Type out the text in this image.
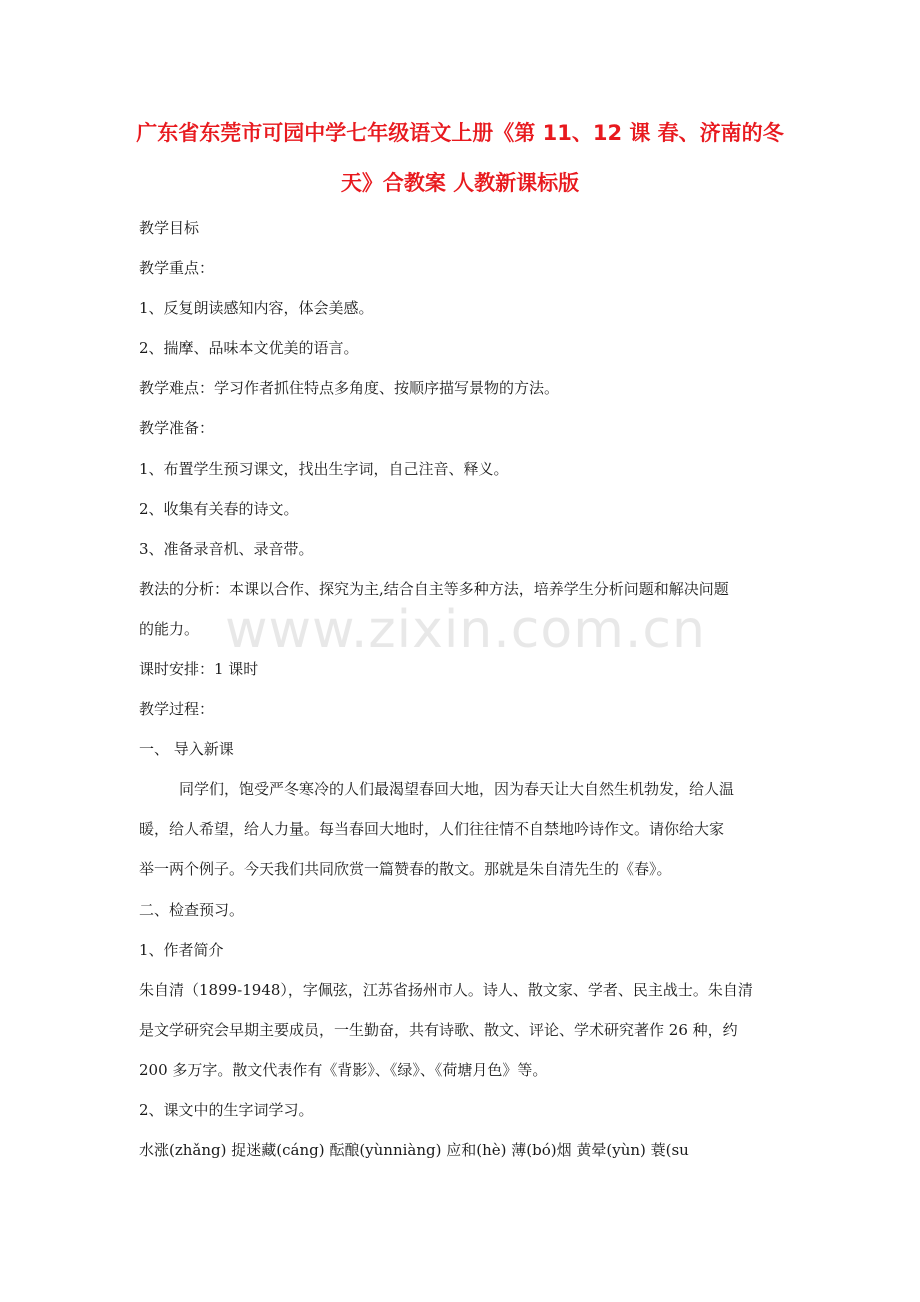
广东省东莞市可园中学七年级语文上册《第 11、12 课 春、济南的冬
天》合教案 人教新课标版
教学目标
教学重点：
1、反复朗读感知内容，体会美感。
2、揣摩、品味本文优美的语言。
教学难点：学习作者抓住特点多角度、按顺序描写景物的方法。
教学准备：
1、布置学生预习课文，找出生字词，自己注音、释义。
2、收集有关春的诗文。
3、准备录音机、录音带。
教法的分析：本课以合作、探究为主,结合自主等多种方法，培养学生分析问题和解决问题
的能力。
课时安排：1 课时
教学过程：
一、 导入新课
同学们，饱受严冬寒冷的人们最渴望春回大地，因为春天让大自然生机勃发，给人温
暖，给人希望，给人力量。每当春回大地时，人们往往情不自禁地吟诗作文。请你给大家
举一两个例子。今天我们共同欣赏一篇赞春的散文。那就是朱自清先生的《春》。
二、检查预习。
1、作者简介
朱自清（1899-1948），字佩弦，江苏省扬州市人。诗人、散文家、学者、民主战士。朱自清
是文学研究会早期主要成员，一生勤奋，共有诗歌、散文、评论、学术研究著作 26 种，约
200 多万字。散文代表作有《背影》、《绿》、《荷塘月色》等。
2、课文中的生字词学习。
水涨(zhǎng) 捉迷藏(cáng) 酝酿(yùnniàng) 应和(hè) 薄(bó)烟 黄晕(yùn) 蓑(su
www.zixin.com.cn
